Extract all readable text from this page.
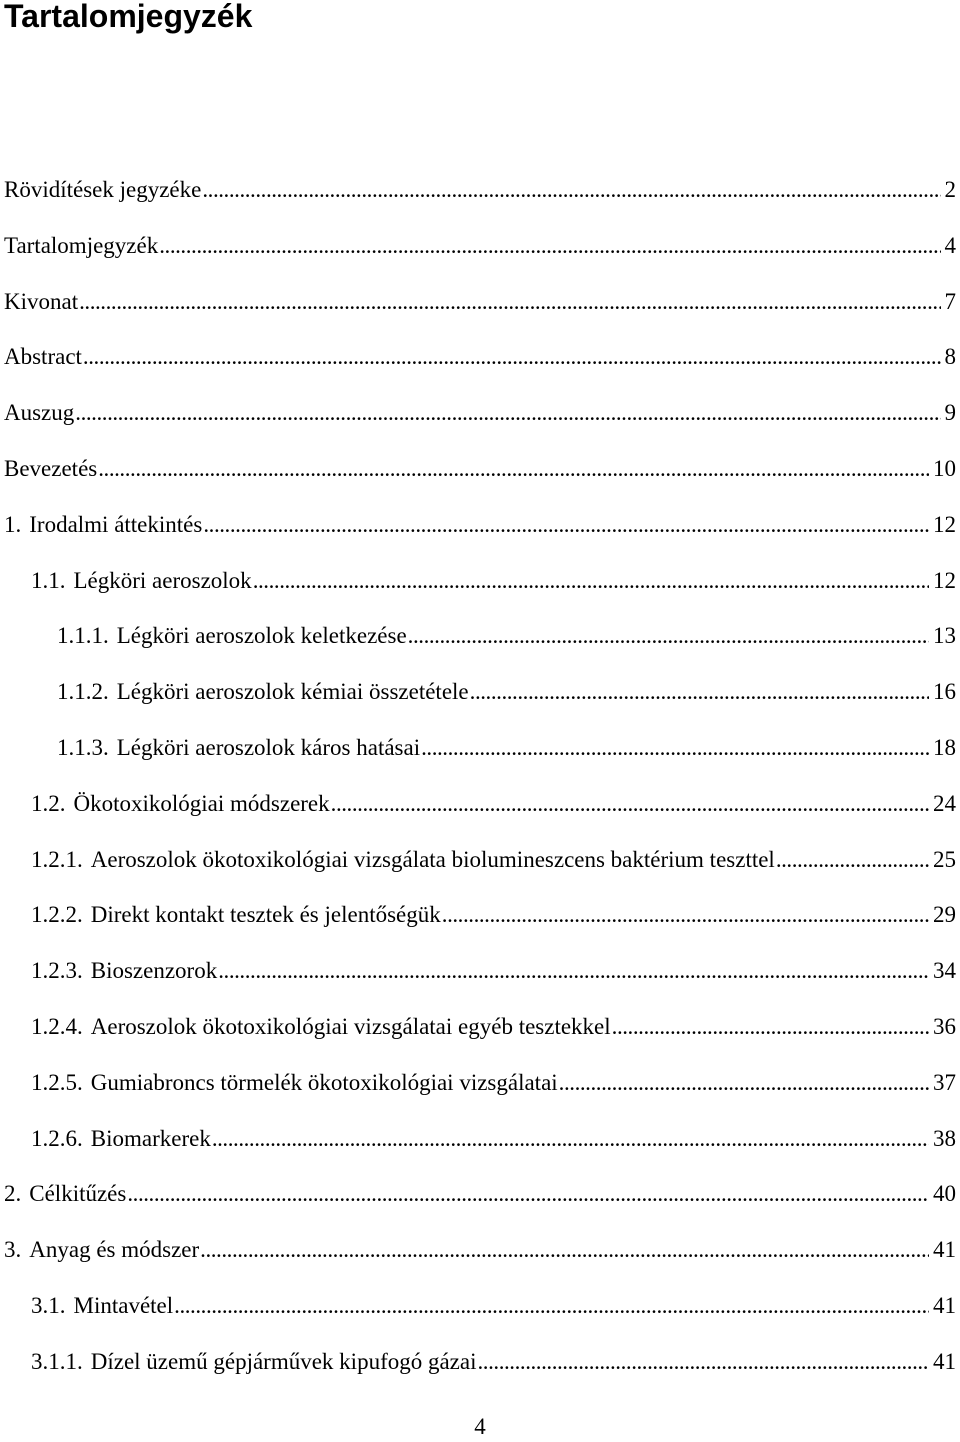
Tartalomjegyzék
Rövidítések jegyzéke . . .	2
Tartalomjegyzék . . .	4
Kivonat . . .	7
Abstract . . .	8
Auszug . . .	9
Bevezetés . . .	10
1. Irodalmi áttekintés . . .	12
1.1. Légköri aeroszolok . . .	12
1.1.1. Légköri aeroszolok keletkezése . . .	13
1.1.2. Légköri aeroszolok kémiai összetétele . . .	16
1.1.3. Légköri aeroszolok káros hatásai . . .	18
1.2. Ökotoxikológiai módszerek . . .	24
1.2.1. Aeroszolok ökotoxikológiai vizsgálata biolumineszcens baktérium teszttel . . .	25
1.2.2. Direkt kontakt tesztek és jelentőségük . . .	29
1.2.3. Bioszenzorok . . .	34
1.2.4. Aeroszolok ökotoxikológiai vizsgálatai egyéb tesztekkel . . .	36
1.2.5. Gumiabroncs törmelék ökotoxikológiai vizsgálatai . . .	37
1.2.6. Biomarkerek . . .	38
2. Célkitűzés . . .	40
3. Anyag és módszer . . .	41
3.1. Mintavétel . . .	41
3.1.1. Dízel üzemű gépjárművek kipufogó gázai . . .	41
4
